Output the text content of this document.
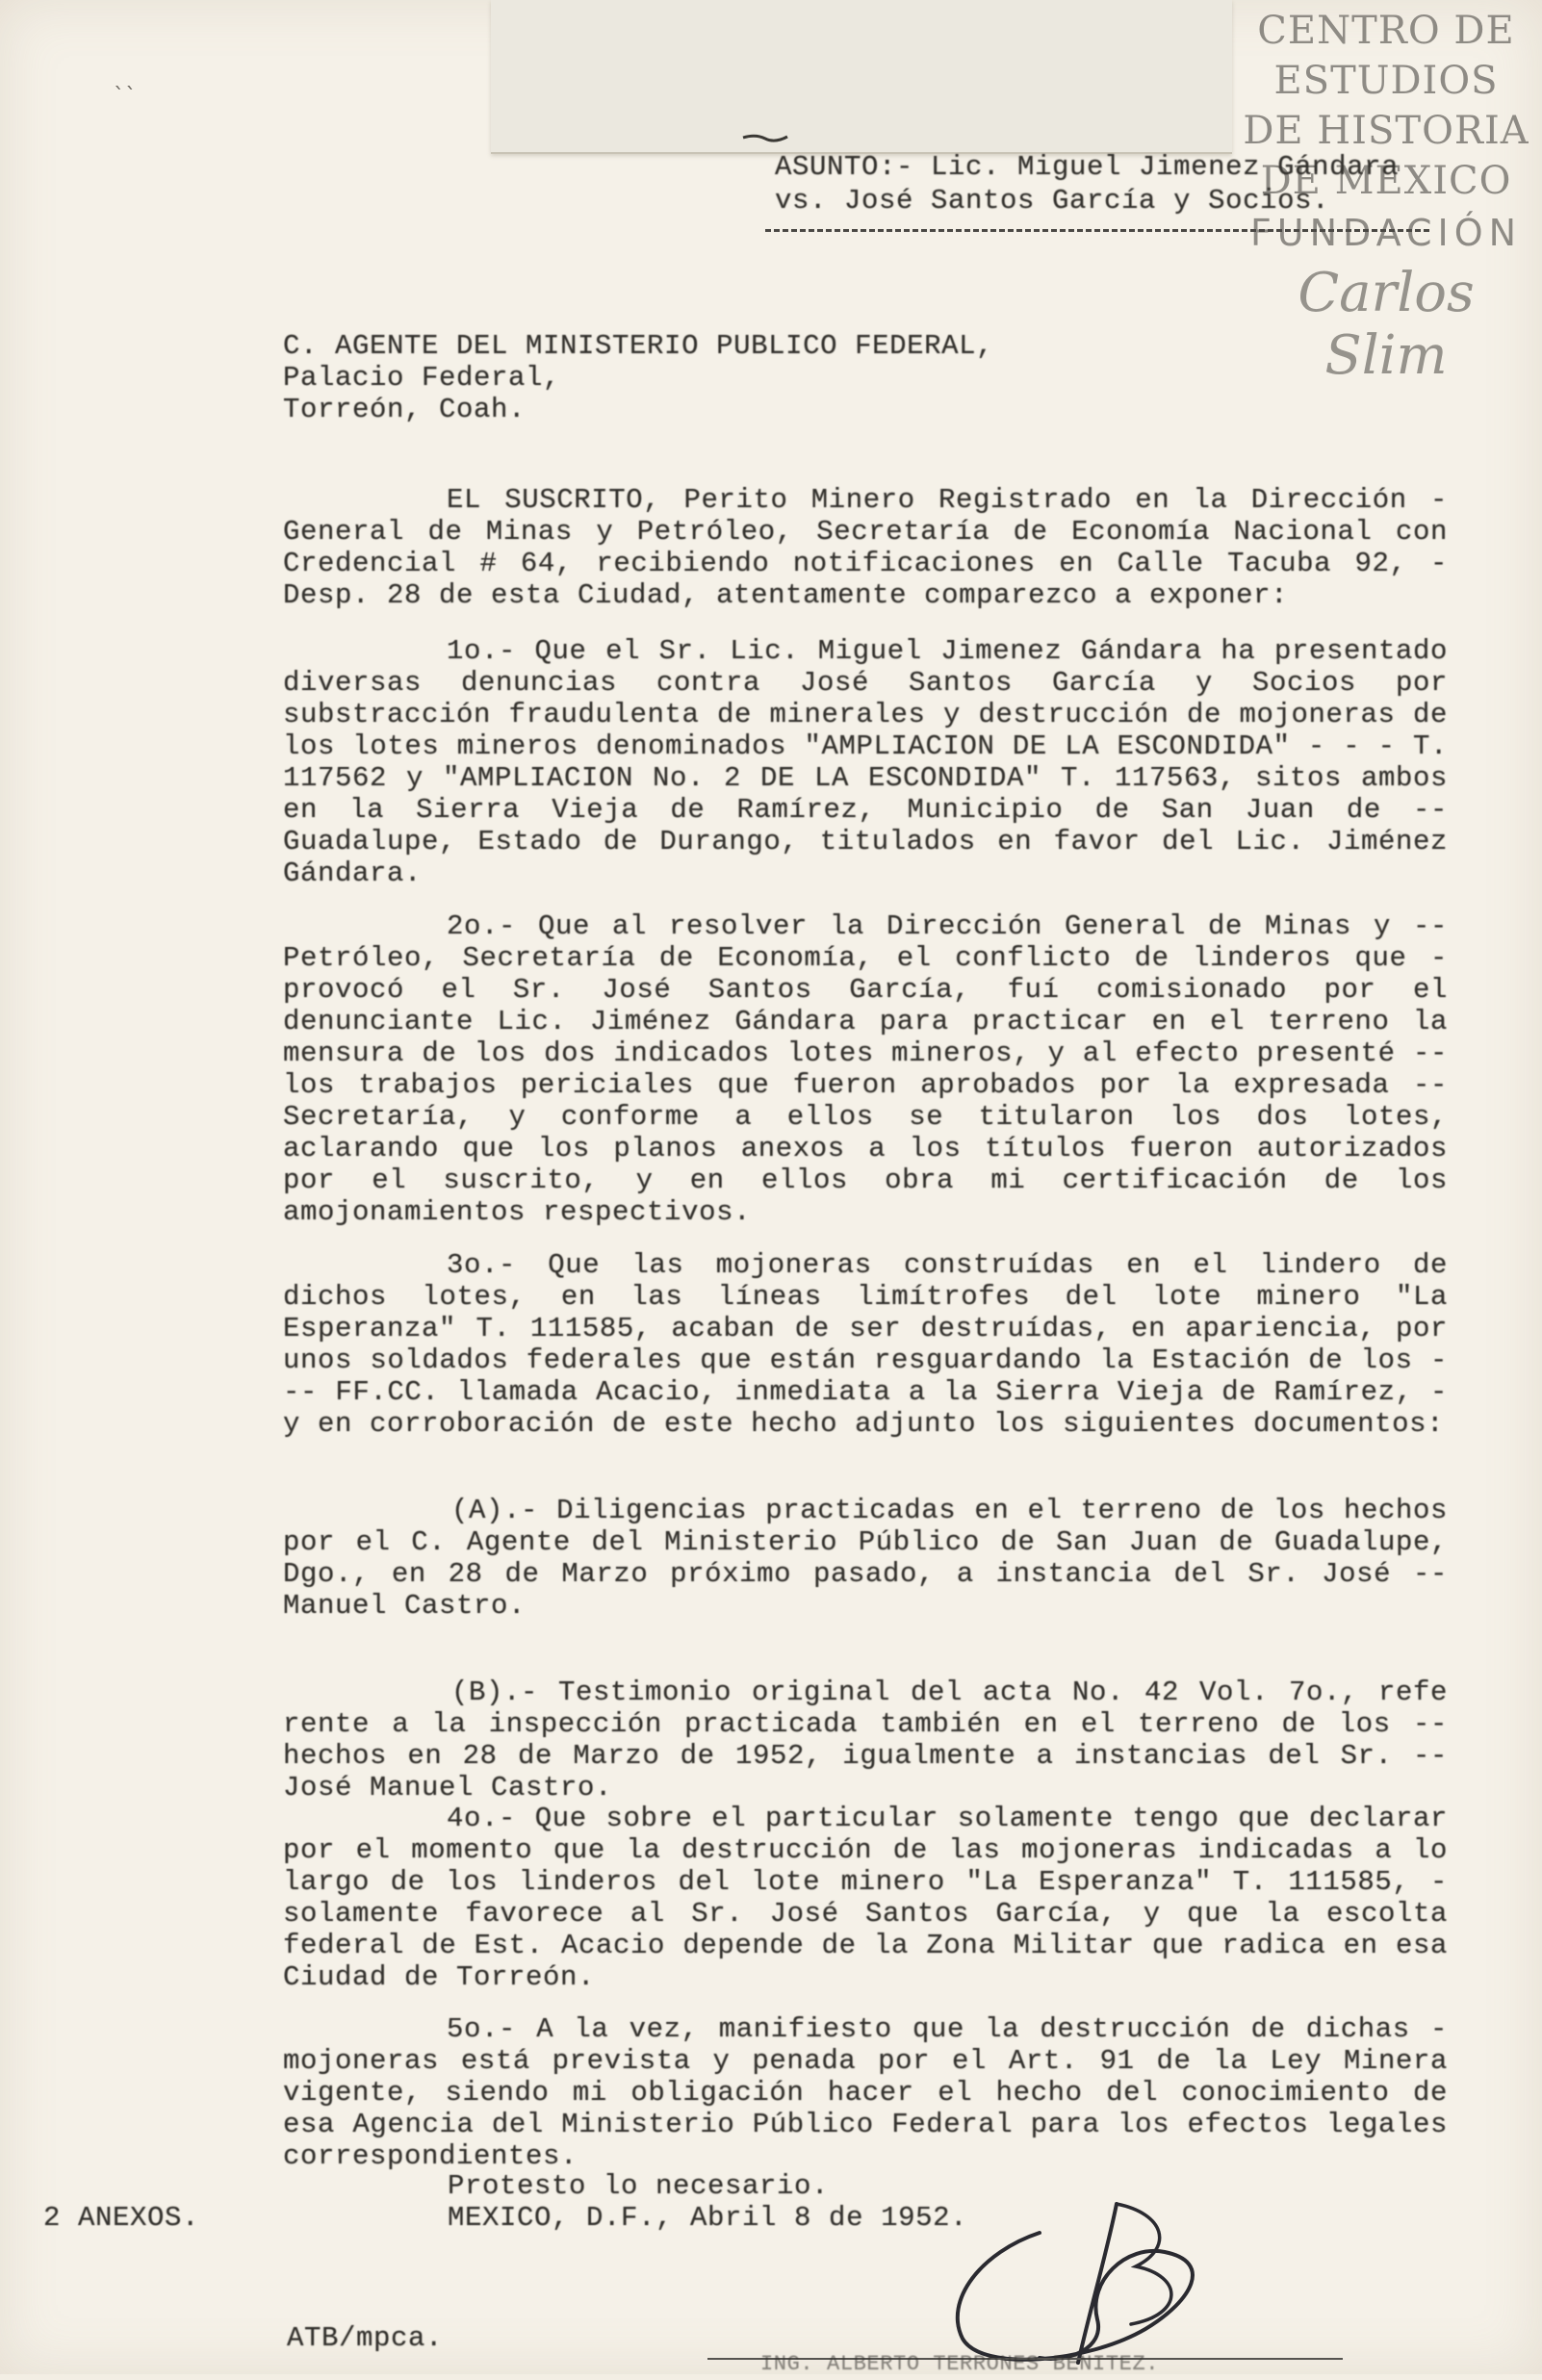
՝ ՝
CENTRO DE
ESTUDIOS
DE HISTORIA
DE MEXICO
FUNDACIÓN
Carlos Slim
ASUNTO:- Lic. Miguel Jimenez Gándara
vs. José Santos García y Socios.
C. AGENTE DEL MINISTERIO PUBLICO FEDERAL,
Palacio Federal,
Torreón, Coah.
EL SUSCRITO, Perito Minero Registrado en la Dirección - General de Minas y Petróleo, Secretaría de Economía Nacional con Credencial # 64, recibiendo notificaciones en Calle Tacuba 92, - Desp. 28 de esta Ciudad, atentamente comparezco a exponer:
1o.- Que el Sr. Lic. Miguel Jimenez Gándara ha presentado diversas denuncias contra José Santos García y Socios por substracción fraudulenta de minerales y destrucción de mojoneras de los lotes mineros denominados "AMPLIACION DE LA ESCONDIDA" - - - T. 117562 y "AMPLIACION No. 2 DE LA ESCONDIDA" T. 117563, sitos ambos en la Sierra Vieja de Ramírez, Municipio de San Juan de -- Guadalupe, Estado de Durango, titulados en favor del Lic. Jiménez Gándara.
2o.- Que al resolver la Dirección General de Minas y -- Petróleo, Secretaría de Economía, el conflicto de linderos que - provocó el Sr. José Santos García, fuí comisionado por el denunciante Lic. Jiménez Gándara para practicar en el terreno la mensura de los dos indicados lotes mineros, y al efecto presenté -- los trabajos periciales que fueron aprobados por la expresada -- Secretaría, y conforme a ellos se titularon los dos lotes, aclarando que los planos anexos a los títulos fueron autorizados por el suscrito, y en ellos obra mi certificación de los amojonamientos respectivos.
3o.- Que las mojoneras construídas en el lindero de dichos lotes, en las líneas limítrofes del lote minero "La Esperanza" T. 111585, acaban de ser destruídas, en apariencia, por unos soldados federales que están resguardando la Estación de los --- FF.CC. llamada Acacio, inmediata a la Sierra Vieja de Ramírez, - y en corroboración de este hecho adjunto los siguientes documentos:
(A).- Diligencias practicadas en el terreno de los hechos por el C. Agente del Ministerio Público de San Juan de Guadalupe, Dgo., en 28 de Marzo próximo pasado, a instancia del Sr. José -- Manuel Castro.
(B).- Testimonio original del acta No. 42 Vol. 7o., refe rente a la inspección practicada también en el terreno de los -- hechos en 28 de Marzo de 1952, igualmente a instancias del Sr. -- José Manuel Castro.
4o.- Que sobre el particular solamente tengo que declarar por el momento que la destrucción de las mojoneras indicadas a lo largo de los linderos del lote minero "La Esperanza" T. 111585, - solamente favorece al Sr. José Santos García, y que la escolta federal de Est. Acacio depende de la Zona Militar que radica en esa Ciudad de Torreón.
5o.- A la vez, manifiesto que la destrucción de dichas - mojoneras está prevista y penada por el Art. 91 de la Ley Minera vigente, siendo mi obligación hacer el hecho del conocimiento de esa Agencia del Ministerio Público Federal para los efectos legales correspondientes.
Protesto lo necesario.
MEXICO, D.F., Abril 8 de 1952.
2 ANEXOS.
ATB/mpca.
ING. ALBERTO TERRONES BENITEZ.
